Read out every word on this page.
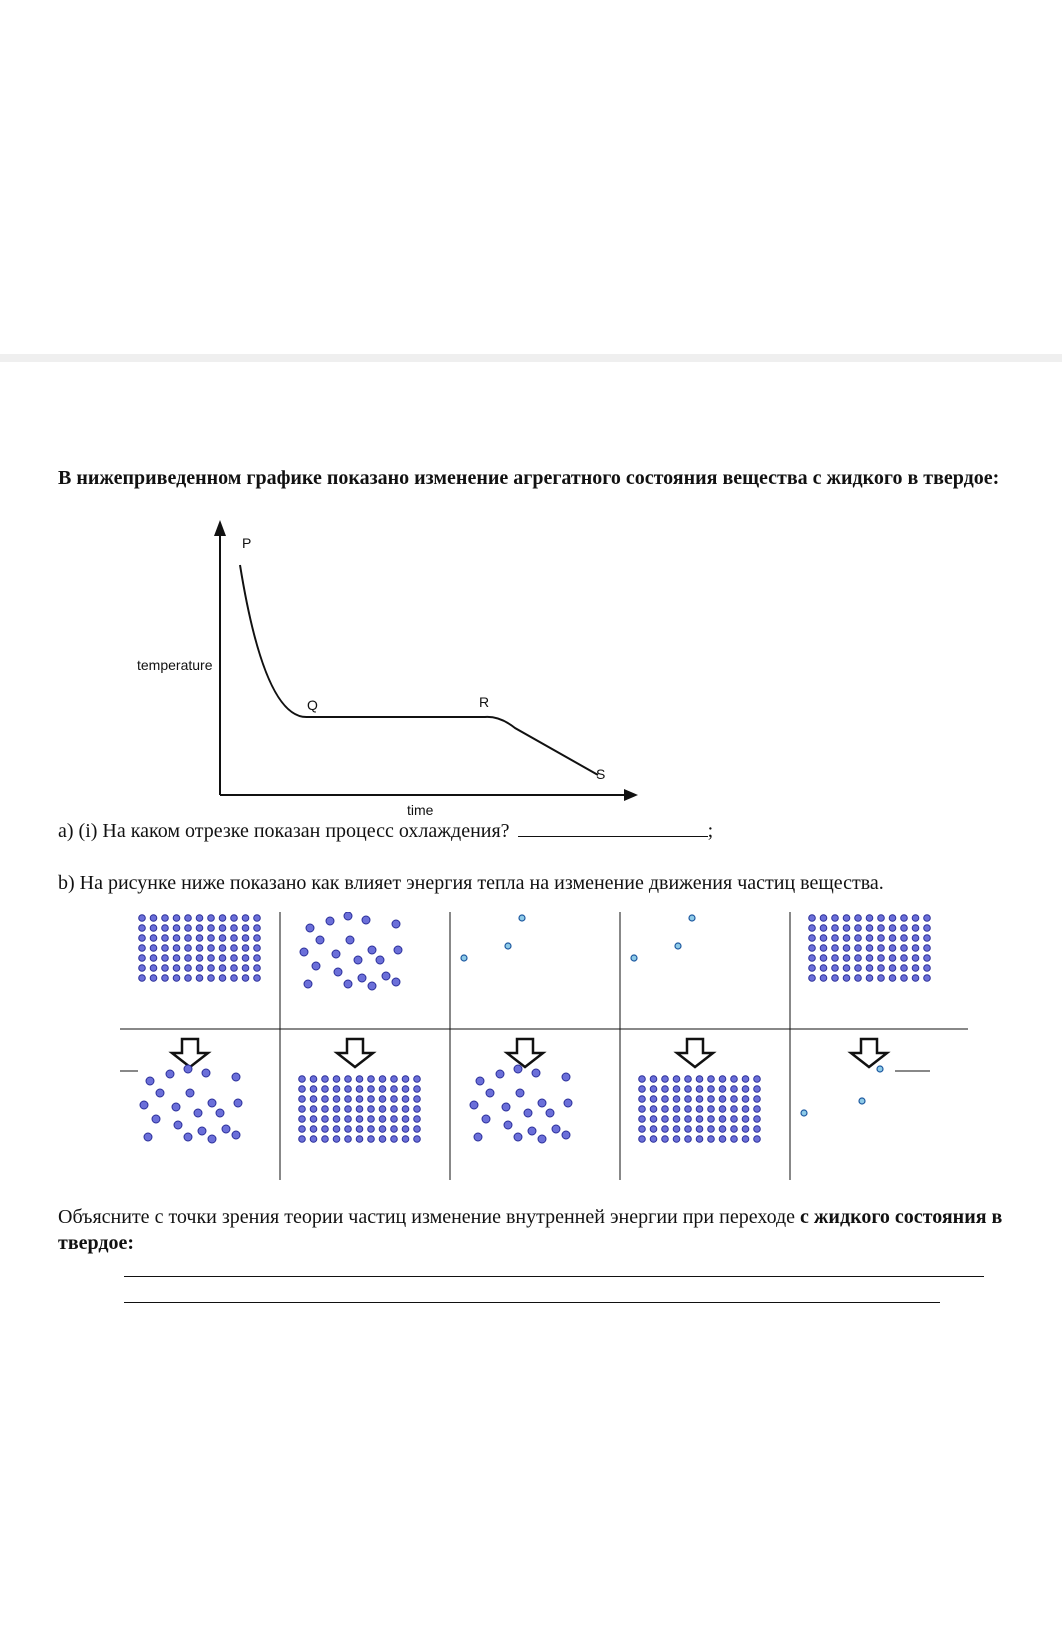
В нижеприведенном графике показано изменение агрегатного состояния вещества с жидкого в твердое:
temperature
time
P
Q	R
S
a) (i) На каком отрезке показан процесс охлаждения?	;
b) На рисунке ниже показано как влияет энергия тепла на изменение движения частиц вещества.
Объясните с точки зрения теории частиц изменение внутренней энергии при переходе с жидкого состояния в твердое:
